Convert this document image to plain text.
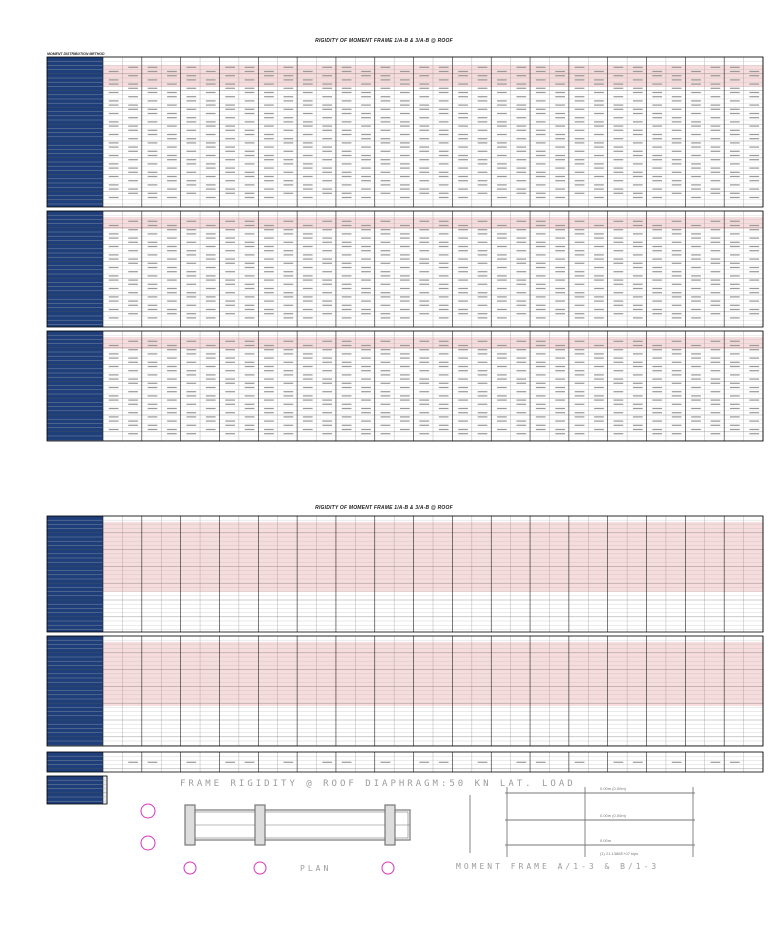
RIGIDITY OF MOMENT FRAME 1/A-B & 3/A-B @ ROOF
MOMENT DISTRIBUTION METHOD
RIGIDITY OF MOMENT FRAME 1/A-B & 3/A-B @ ROOF
FRAME RIGIDITY @ ROOF DIAPHRAGM:50 KN LAT. LOAD
PLAN
0.00m (0.00m)
0.00m (0.00m)
0.00m
(1) 21.1386E+07 kips
MOMENT FRAME A/1-3 & B/1-3
